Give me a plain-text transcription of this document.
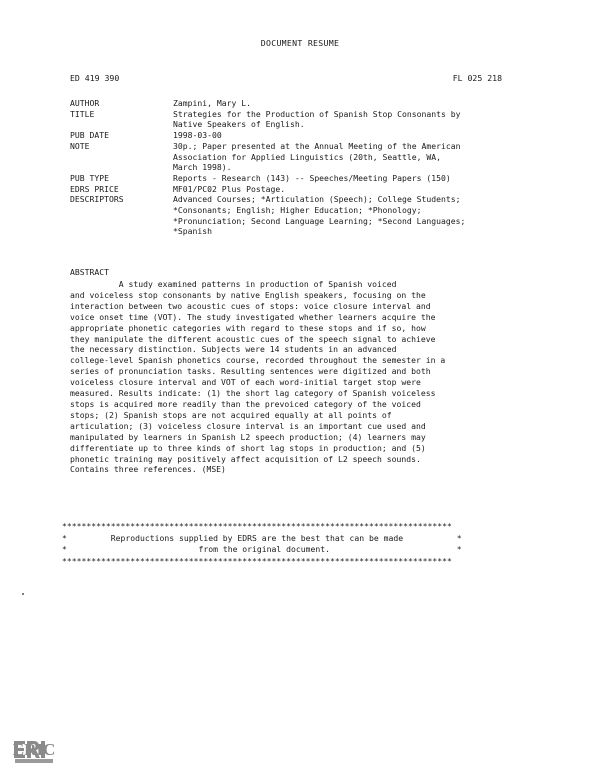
DOCUMENT RESUME
ED 419 390	FL 025 218
AUTHOR	Zampini, Mary L.
TITLE	Strategies for the Production of Spanish Stop Consonants by
Native Speakers of English.
PUB DATE	1998-03-00
NOTE	30p.; Paper presented at the Annual Meeting of the American
Association for Applied Linguistics (20th, Seattle, WA,
March 1998).
PUB TYPE	Reports - Research (143) -- Speeches/Meeting Papers (150)
EDRS PRICE	MF01/PC02 Plus Postage.
DESCRIPTORS	Advanced Courses; *Articulation (Speech); College Students;
*Consonants; English; Higher Education; *Phonology;
*Pronunciation; Second Language Learning; *Second Languages;
*Spanish
ABSTRACT
A study examined patterns in production of Spanish voiced
and voiceless stop consonants by native English speakers, focusing on the
interaction between two acoustic cues of stops: voice closure interval and
voice onset time (VOT). The study investigated whether learners acquire the
appropriate phonetic categories with regard to these stops and if so, how
they manipulate the different acoustic cues of the speech signal to achieve
the necessary distinction. Subjects were 14 students in an advanced
college-level Spanish phonetics course, recorded throughout the semester in a
series of pronunciation tasks. Resulting sentences were digitized and both
voiceless closure interval and VOT of each word-initial target stop were
measured. Results indicate: (1) the short lag category of Spanish voiceless
stops is acquired more readily than the prevoiced category of the voiced
stops; (2) Spanish stops are not acquired equally at all points of
articulation; (3) voiceless closure interval is an important cue used and
manipulated by learners in Spanish L2 speech production; (4) learners may
differentiate up to three kinds of short lag stops in production; and (5)
phonetic training may positively affect acquisition of L2 speech sounds.
Contains three references. (MSE)
********************************************************************************
*	Reproductions supplied by EDRS are the best that can be made	*
*	from the original document.	*
********************************************************************************
ERIC
